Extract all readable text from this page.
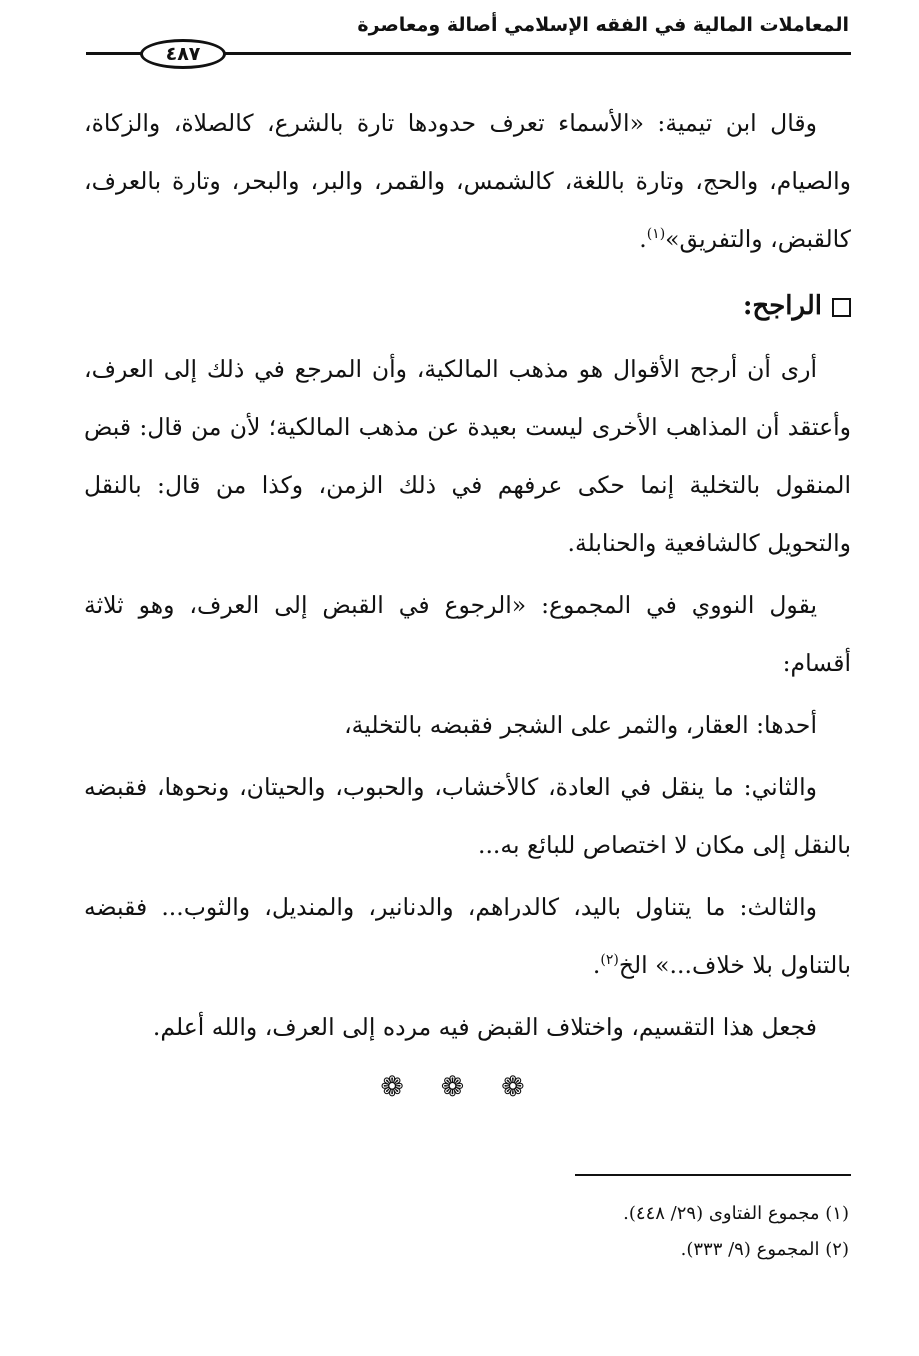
المعاملات المالية في الفقه الإسلامي أصالة ومعاصرة
٤٨٧

وقال ابن تيمية: «الأسماء تعرف حدودها تارة بالشرع، كالصلاة، والزكاة، والصيام، والحج، وتارة باللغة، كالشمس، والقمر، والبر، والبحر، وتارة بالعرف، كالقبض، والتفريق»$^{(١)}$.

الراجح:

أرى أن أرجح الأقوال هو مذهب المالكية، وأن المرجع في ذلك إلى العرف، وأعتقد أن المذاهب الأخرى ليست بعيدة عن مذهب المالكية؛ لأن من قال: قبض المنقول بالتخلية إنما حكى عرفهم في ذلك الزمن، وكذا من قال: بالنقل والتحويل كالشافعية والحنابلة.

يقول النووي في المجموع: «الرجوع في القبض إلى العرف، وهو ثلاثة أقسام:

أحدها: العقار، والثمر على الشجر فقبضه بالتخلية،

والثاني: ما ينقل في العادة، كالأخشاب، والحبوب، والحيتان، ونحوها، فقبضه بالنقل إلى مكان لا اختصاص للبائع به...

والثالث: ما يتناول باليد، كالدراهم، والدنانير، والمنديل، والثوب... فقبضه بالتناول بلا خلاف...» الخ$^{(٢)}$.

فجعل هذا التقسيم، واختلاف القبض فيه مرده إلى العرف، والله أعلم.

❁ ❁ ❁

(١) مجموع الفتاوى (٢٩/ ٤٤٨).

(٢) المجموع (٩/ ٣٣٣).
